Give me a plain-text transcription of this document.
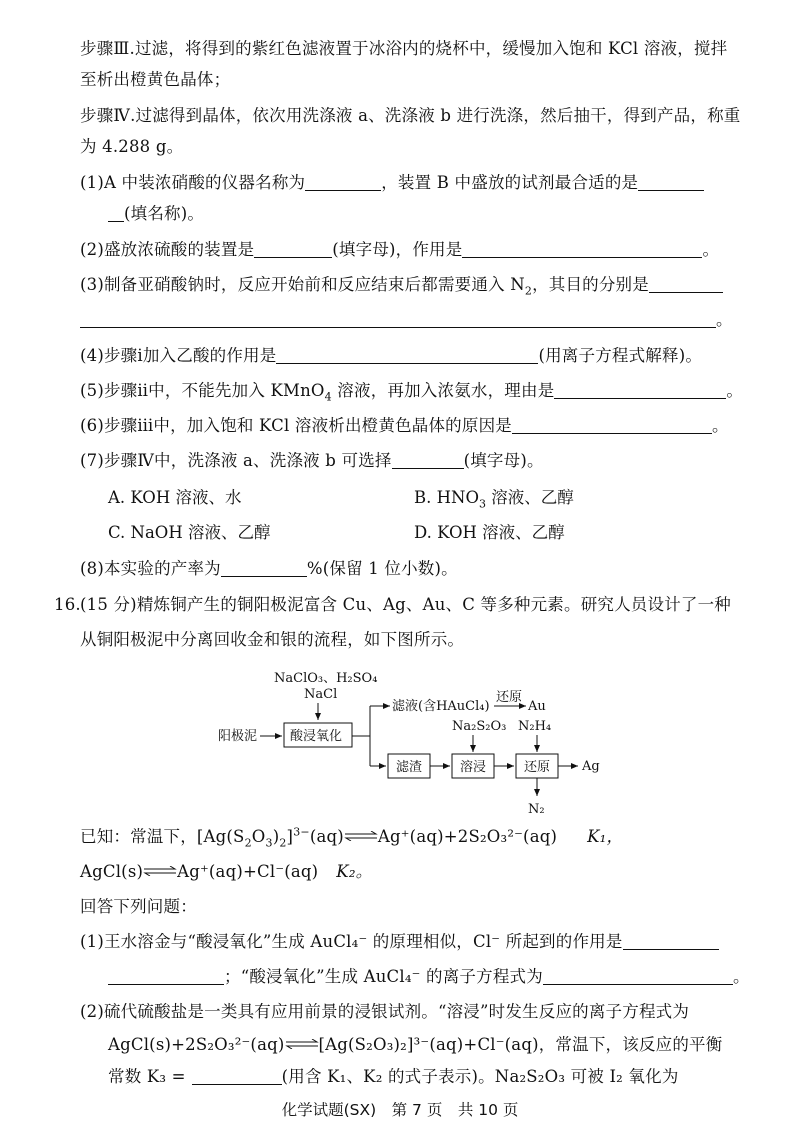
步骤Ⅲ.过滤，将得到的紫红色滤液置于冰浴内的烧杯中，缓慢加入饱和 KCl 溶液，搅拌
至析出橙黄色晶体；
步骤Ⅳ.过滤得到晶体，依次用洗涤液 a、洗涤液 b 进行洗涤，然后抽干，得到产品，称重
为 4.288 g。
(1)A 中装浓硝酸的仪器名称为	，装置 B 中盛放的试剂最合适的是
(填名称)。
(2)盛放浓硫酸的装置是	(填字母)，作用是	。
(3)制备亚硝酸钠时，反应开始前和反应结束后都需要通入 $N_2$，其目的分别是
。
(4)步骤ⅰ加入乙酸的作用是	(用离子方程式解释)。
(5)步骤ⅱ中，不能先加入 KMnO$_4$ 溶液，再加入浓氨水，理由是	。
(6)步骤ⅲ中，加入饱和 KCl 溶液析出橙黄色晶体的原因是	。
(7)步骤Ⅳ中，洗涤液 a、洗涤液 b 可选择	(填字母)。
A. KOH 溶液、水	B. $HNO_3$ 溶液、乙醇
C. NaOH 溶液、乙醇	D. KOH 溶液、乙醇
(8)本实验的产率为	%(保留 1 位小数)。
16. (15 分)精炼铜产生的铜阳极泥富含 Cu、Ag、Au、C 等多种元素。研究人员设计了一种
从铜阳极泥中分离回收金和银的流程，如下图所示。
NaClO₃、H₂SO₄
NaCl
阳极泥	酸浸氧化
滤液(含HAuCl₄)
还原
Au
滤渣
Na₂S₂O₃
溶浸
N₂H₄
还原 Ag
N₂
已知：常温下，$[Ag(S_2O_3)_2]^{3-}(aq)\rightleftharpoons Ag^+(aq)+2S_2O_3^{2-}(aq)$ K₁，
AgCl(s)⇌Ag⁺(aq)+Cl⁻(aq) K₂。
回答下列问题：
(1)王水溶金与“酸浸氧化”生成 AuCl₄⁻ 的原理相似，Cl⁻ 所起到的作用是
；“酸浸氧化”生成 AuCl₄⁻ 的离子方程式为	。
(2)硫代硫酸盐是一类具有应用前景的浸银试剂。“溶浸”时发生反应的离子方程式为
AgCl(s)+2S₂O₃²⁻(aq)⇌[Ag(S₂O₃)₂]³⁻(aq)+Cl⁻(aq)，常温下，该反应的平衡
常数 K₃ =	(用含 K₁、K₂ 的式子表示)。Na₂S₂O₃ 可被 I₂ 氧化为
化学试题(SX)　第 7 页　共 10 页
